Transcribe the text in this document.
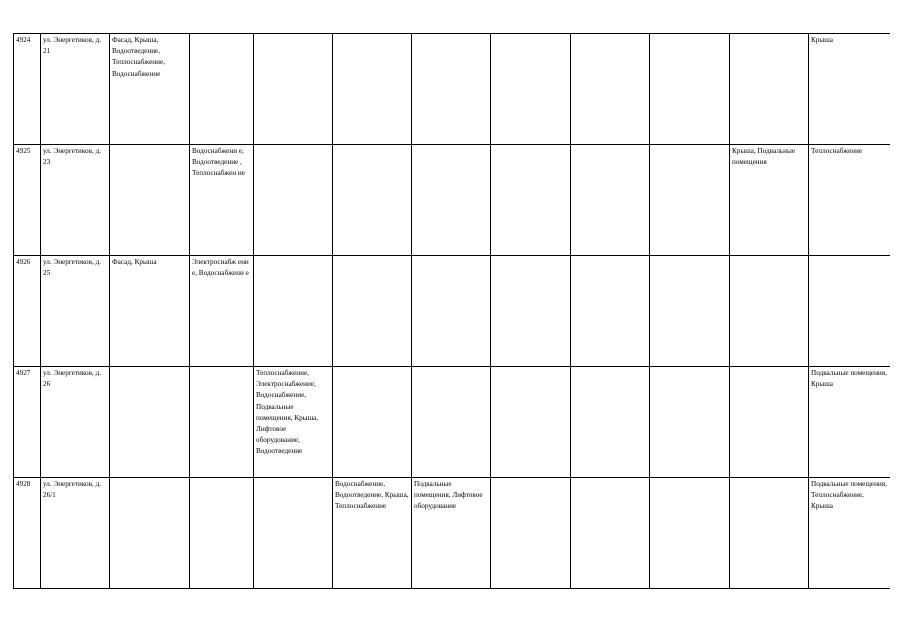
4924	ул. Энергетиков, д. 21	Фасад, Крыша, Водоотведение, Теплоснабжение, Водоснабжение									Крыша
4925	ул. Энергетиков, д. 23		Водоснабжени е, Водоотведение , Теплоснабжен ие							Крыша, Подвальные помещения	Теплоснабжение
4926	ул. Энергетиков, д. 25	Фасад, Крыша	Электроснабж ени е, Водоснабжени е								
4927	ул. Энергетиков, д. 26			Теплоснабжение, Электроснабжение, Водоснабжение, Подвальные помещения, Крыша, Лифтовое оборудование, Водоотведение							Подвальные помещения, Крыша
4928	ул. Энергетиков, д. 26/1				Водоснабжение, Водоотведение, Крыша, Теплоснабжение	Подвальные помещения, Лифтовое оборудование					Подвальные помещения, Теплоснабжение, Крыша
